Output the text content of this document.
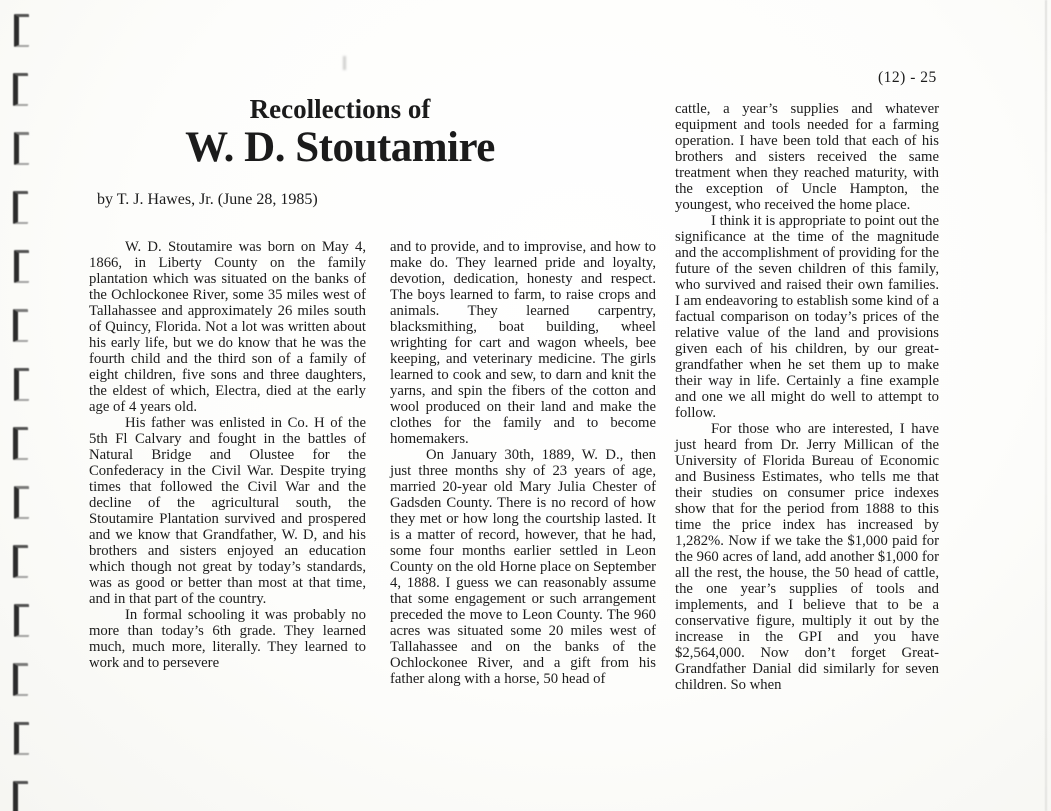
(12) - 25
Recollections of
W. D. Stoutamire
by T. J. Hawes, Jr. (June 28, 1985)

W. D. Stoutamire was born on May 4, 1866, in Liberty County on the family plantation which was situated on the banks of the Ochlockonee River, some 35 miles west of Tallahassee and approximately 26 miles south of Quincy, Florida. Not a lot was written about his early life, but we do know that he was the fourth child and the third son of a family of eight children, five sons and three daughters, the eldest of which, Electra, died at the early age of 4 years old.

His father was enlisted in Co. H of the 5th Fl Calvary and fought in the battles of Natural Bridge and Olustee for the Confederacy in the Civil War. Despite trying times that followed the Civil War and the decline of the agricultural south, the Stoutamire Plantation survived and prospered and we know that Grandfather, W. D, and his brothers and sisters enjoyed an education which though not great by today’s standards, was as good or better than most at that time, and in that part of the country.

In formal schooling it was probably no more than today’s 6th grade. They learned much, much more, literally. They learned to work and to persevere

and to provide, and to improvise, and how to make do. They learned pride and loyalty, devotion, dedication, honesty and respect. The boys learned to farm, to raise crops and animals. They learned carpentry, blacksmithing, boat building, wheel wrighting for cart and wagon wheels, bee keeping, and veterinary medicine. The girls learned to cook and sew, to darn and knit the yarns, and spin the fibers of the cotton and wool produced on their land and make the clothes for the family and to become homemakers.

On January 30th, 1889, W. D., then just three months shy of 23 years of age, married 20-year old Mary Julia Chester of Gadsden County. There is no record of how they met or how long the courtship lasted. It is a matter of record, however, that he had, some four months earlier settled in Leon County on the old Horne place on September 4, 1888. I guess we can reasonably assume that some engagement or such arrangement preceded the move to Leon County. The 960 acres was situated some 20 miles west of Tallahassee and on the banks of the Ochlockonee River, and a gift from his father along with a horse, 50 head of

cattle, a year’s supplies and whatever equipment and tools needed for a farming operation. I have been told that each of his brothers and sisters received the same treatment when they reached maturity, with the exception of Uncle Hampton, the youngest, who received the home place.

I think it is appropriate to point out the significance at the time of the magnitude and the accomplishment of providing for the future of the seven children of this family, who survived and raised their own families. I am endeavoring to establish some kind of a factual comparison on today’s prices of the relative value of the land and provisions given each of his children, by our great-grandfather when he set them up to make their way in life. Certainly a fine example and one we all might do well to attempt to follow.

For those who are interested, I have just heard from Dr. Jerry Millican of the University of Florida Bureau of Economic and Business Estimates, who tells me that their studies on consumer price indexes show that for the period from 1888 to this time the price index has increased by 1,282%. Now if we take the $1,000 paid for the 960 acres of land, add another $1,000 for all the rest, the house, the 50 head of cattle, the one year’s supplies of tools and implements, and I believe that to be a conservative figure, multiply it out by the increase in the GPI and you have $2,564,000. Now don’t forget Great-Grandfather Danial did similarly for seven children. So when
